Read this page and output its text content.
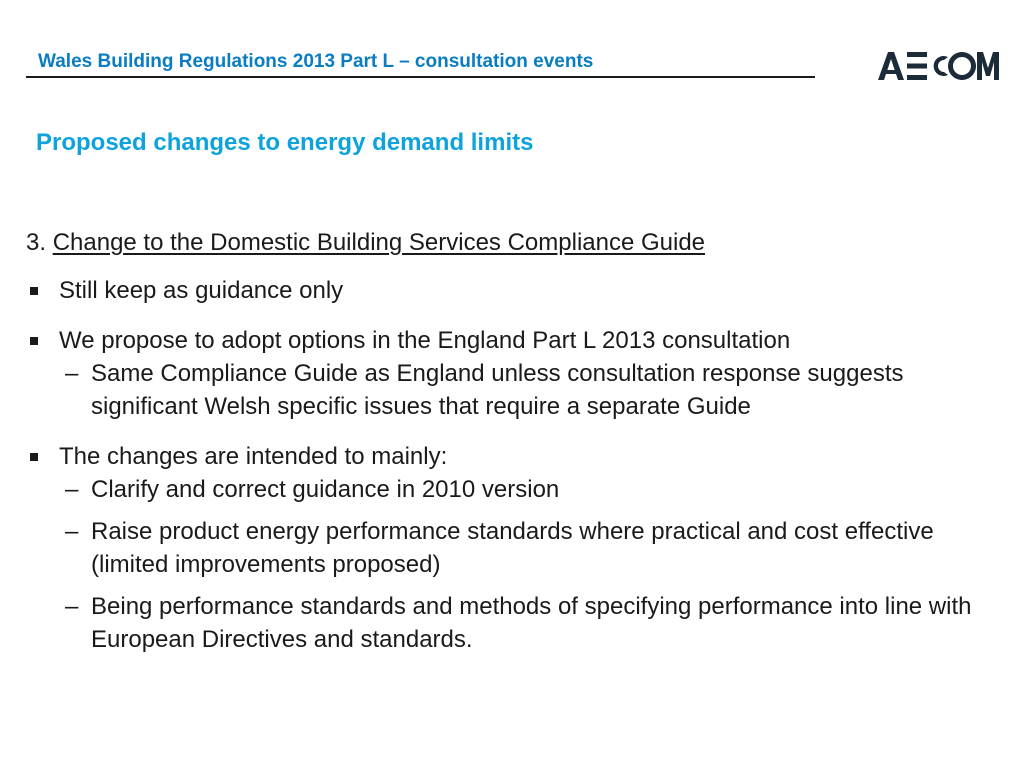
Wales Building Regulations 2013 Part L – consultation events
Proposed changes to energy demand limits
3. Change to the Domestic Building Services Compliance Guide
Still keep as guidance only
We propose to adopt options in the England Part L 2013 consultation
– Same Compliance Guide as England unless consultation response suggests significant Welsh specific issues that require a separate Guide
The changes are intended to mainly:
– Clarify and correct guidance in 2010 version
– Raise product energy performance standards where practical and cost effective (limited improvements proposed)
– Being performance standards and methods of specifying performance into line with European Directives and standards.
